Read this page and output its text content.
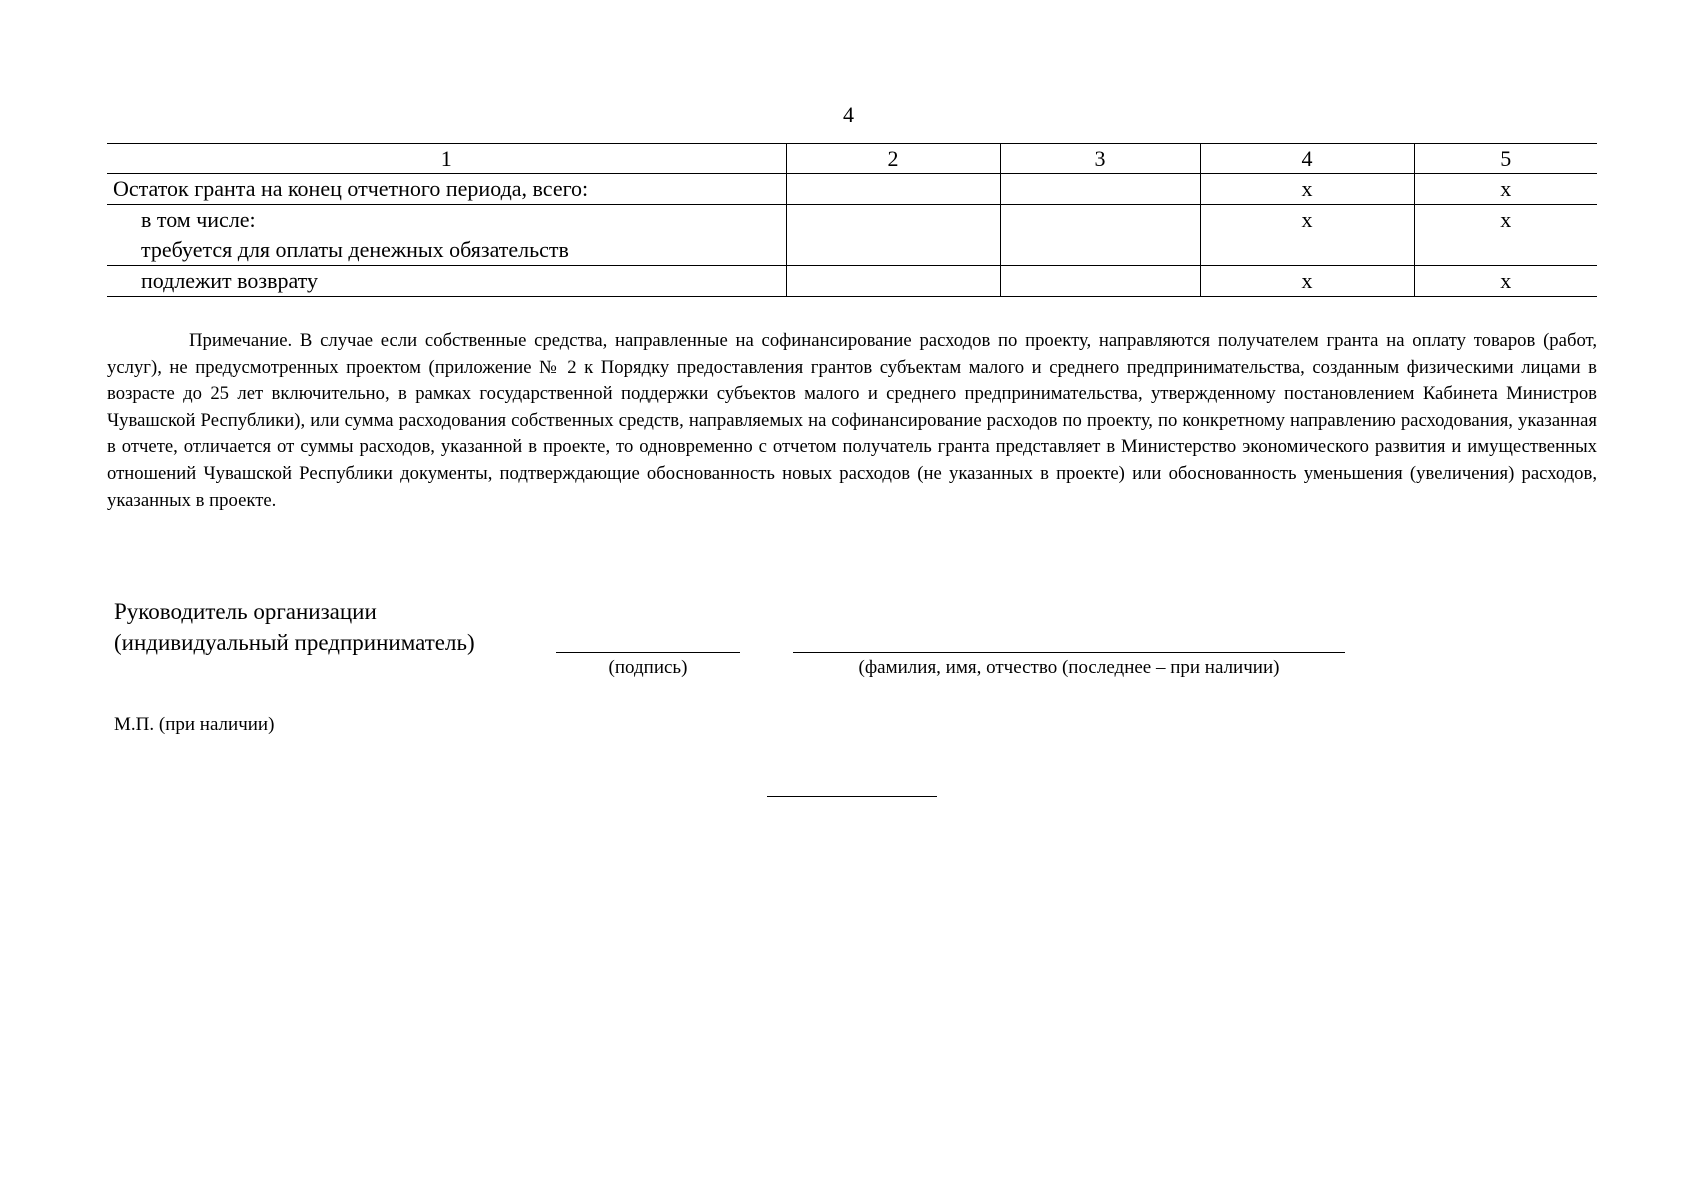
4
1	2	3	4	5
Остаток гранта на конец отчетного периода, всего:			x	x

в том числе:
требуется для оплаты денежных обязательств			x	x
подлежит возврату			x	x
Примечание. В случае если собственные средства, направленные на софинансирование расходов по проекту, направляются получателем гранта на оплату товаров (работ, услуг), не предусмотренных проектом (приложение № 2 к Порядку предоставления грантов субъектам малого и среднего предпринимательства, созданным физическими лицами в возрасте до 25 лет включительно, в рамках государственной поддержки субъектов малого и среднего предпринимательства, утвержденному постановлением Кабинета Министров Чувашской Республики), или сумма расходования собственных средств, направляемых на софинансирование расходов по проекту, по конкретному направлению расходования, указанная в отчете, отличается от суммы расходов, указанной в проекте, то одновременно с отчетом получатель гранта представляет в Министерство экономического развития и имущественных отношений Чувашской Республики документы, подтверждающие обоснованность новых расходов (не указанных в проекте) или обоснованность уменьшения (увеличения) расходов, указанных в проекте.
Руководитель организации
(индивидуальный предприниматель)
(подпись)	(фамилия, имя, отчество (последнее – при наличии)
М.П. (при наличии)
